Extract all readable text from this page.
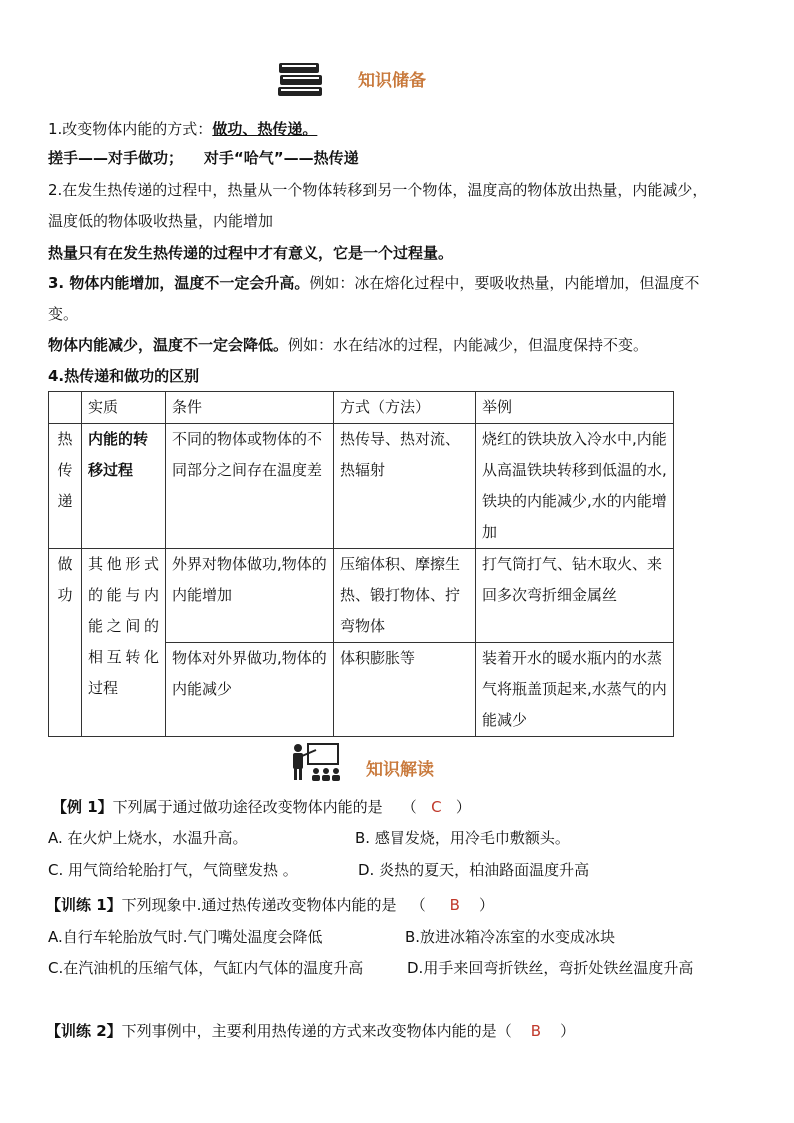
知识储备
1.改变物体内能的方式：做功、热传递。
搓手——对手做功；    对手“哈气”——热传递
2.在发生热传递的过程中，热量从一个物体转移到另一个物体，温度高的物体放出热量，内能减少，
温度低的物体吸收热量，内能增加
热量只有在发生热传递的过程中才有意义，它是一个过程量。
3. 物体内能增加，温度不一定会升高。例如：冰在熔化过程中，要吸收热量，内能增加，但温度不
变。
物体内能减少，温度不一定会降低。例如：水在结冰的过程，内能减少，但温度保持不变。
4.热传递和做功的区别
	实质	条件	方式（方法）	举例
热传递	内能的转移过程	不同的物体或物体的不同部分之间存在温度差	热传导、热对流、热辐射	烧红的铁块放入冷水中,内能从高温铁块转移到低温的水,铁块的内能减少,水的内能增加
做功	其他形式的能与内能之间的相互转化过程	外界对物体做功,物体的内能增加	压缩体积、摩擦生热、锻打物体、拧弯物体	打气筒打气、钻木取火、来回多次弯折细金属丝
		物体对外界做功,物体的内能减少	体积膨胀等	装着开水的暖水瓶内的水蒸气将瓶盖顶起来,水蒸气的内能减少
知识解读
【例 1】下列属于通过做功途径改变物体内能的是    （   C   ）
A. 在火炉上烧水，水温升高。	B. 感冒发烧，用冷毛巾敷额头。
C. 用气筒给轮胎打气，气筒壁发热 。	D. 炎热的夏天，柏油路面温度升高
【训练 1】下列现象中.通过热传递改变物体内能的是   （     B    ）
A.自行车轮胎放气时.气门嘴处温度会降低	B.放进冰箱冷冻室的水变成冰块
C.在汽油机的压缩气体，气缸内气体的温度升高	D.用手来回弯折铁丝，弯折处铁丝温度升高
【训练 2】下列事例中，主要利用热传递的方式来改变物体内能的是（    B    ）
